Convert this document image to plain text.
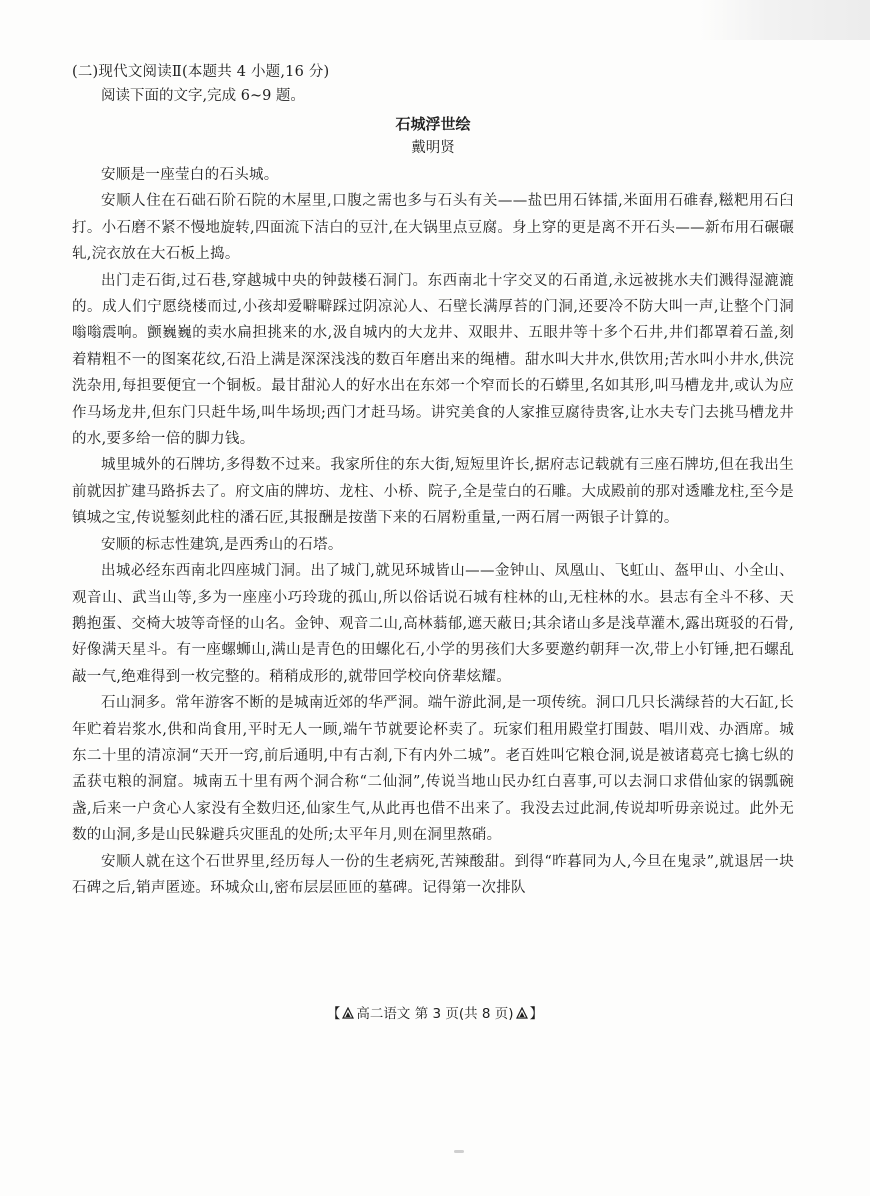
(二)现代文阅读Ⅱ(本题共 4 小题,16 分)

阅读下面的文字,完成 6~9 题。

石城浮世绘

戴明贤

安顺是一座莹白的石头城。

安顺人住在石础石阶石院的木屋里,口腹之需也多与石头有关——盐巴用石钵擂,米面用石碓舂,糍粑用石臼打。小石磨不紧不慢地旋转,四面流下洁白的豆汁,在大锅里点豆腐。身上穿的更是离不开石头——新布用石碾碾轧,浣衣放在大石板上捣。

出门走石街,过石巷,穿越城中央的钟鼓楼石洞门。东西南北十字交叉的石甬道,永远被挑水夫们溅得湿漉漉的。成人们宁愿绕楼而过,小孩却爱噼噼踩过阴凉沁人、石壁长满厚苔的门洞,还要冷不防大叫一声,让整个门洞嗡嗡震响。颤巍巍的卖水扁担挑来的水,汲自城内的大龙井、双眼井、五眼井等十多个石井,井们都罩着石盖,刻着精粗不一的图案花纹,石沿上满是深深浅浅的数百年磨出来的绳槽。甜水叫大井水,供饮用;苦水叫小井水,供浣洗杂用,每担要便宜一个铜板。最甘甜沁人的好水出在东郊一个窄而长的石蟒里,名如其形,叫马槽龙井,或认为应作马场龙井,但东门只赶牛场,叫牛场坝;西门才赶马场。讲究美食的人家推豆腐待贵客,让水夫专门去挑马槽龙井的水,要多给一倍的脚力钱。

城里城外的石牌坊,多得数不过来。我家所住的东大街,短短里许长,据府志记载就有三座石牌坊,但在我出生前就因扩建马路拆去了。府文庙的牌坊、龙柱、小桥、院子,全是莹白的石雕。大成殿前的那对透雕龙柱,至今是镇城之宝,传说錾刻此柱的潘石匠,其报酬是按凿下来的石屑粉重量,一两石屑一两银子计算的。

安顺的标志性建筑,是西秀山的石塔。

出城必经东西南北四座城门洞。出了城门,就见环城皆山——金钟山、凤凰山、飞虹山、盔甲山、小全山、观音山、武当山等,多为一座座小巧玲珑的孤山,所以俗话说石城有柱林的山,无柱林的水。县志有全斗不移、天鹅抱蛋、交椅大坡等奇怪的山名。金钟、观音二山,高林蓊郁,遮天蔽日;其余诸山多是浅草灌木,露出斑驳的石骨,好像满天星斗。有一座螺蛳山,满山是青色的田螺化石,小学的男孩们大多要邀约朝拜一次,带上小钉锤,把石螺乱敲一气,绝难得到一枚完整的。稍稍成形的,就带回学校向侪辈炫耀。

石山洞多。常年游客不断的是城南近郊的华严洞。端午游此洞,是一项传统。洞口几只长满绿苔的大石缸,长年贮着岩浆水,供和尚食用,平时无人一顾,端午节就要论杯卖了。玩家们租用殿堂打围鼓、唱川戏、办酒席。城东二十里的清凉洞“天开一窍,前后通明,中有古刹,下有内外二城”。老百姓叫它粮仓洞,说是被诸葛亮七擒七纵的孟获屯粮的洞窟。城南五十里有两个洞合称“二仙洞”,传说当地山民办红白喜事,可以去洞口求借仙家的锅瓢碗盏,后来一户贪心人家没有全数归还,仙家生气,从此再也借不出来了。我没去过此洞,传说却听毋亲说过。此外无数的山洞,多是山民躲避兵灾匪乱的处所;太平年月,则在洞里熬硝。

安顺人就在这个石世界里,经历每人一份的生老病死,苦辣酸甜。到得“昨暮同为人,今旦在鬼录”,就退居一块石碑之后,销声匿迹。环城众山,密布层层匝匝的墓碑。记得第一次排队

【 高二语文 第 3 页(共 8 页) 】
